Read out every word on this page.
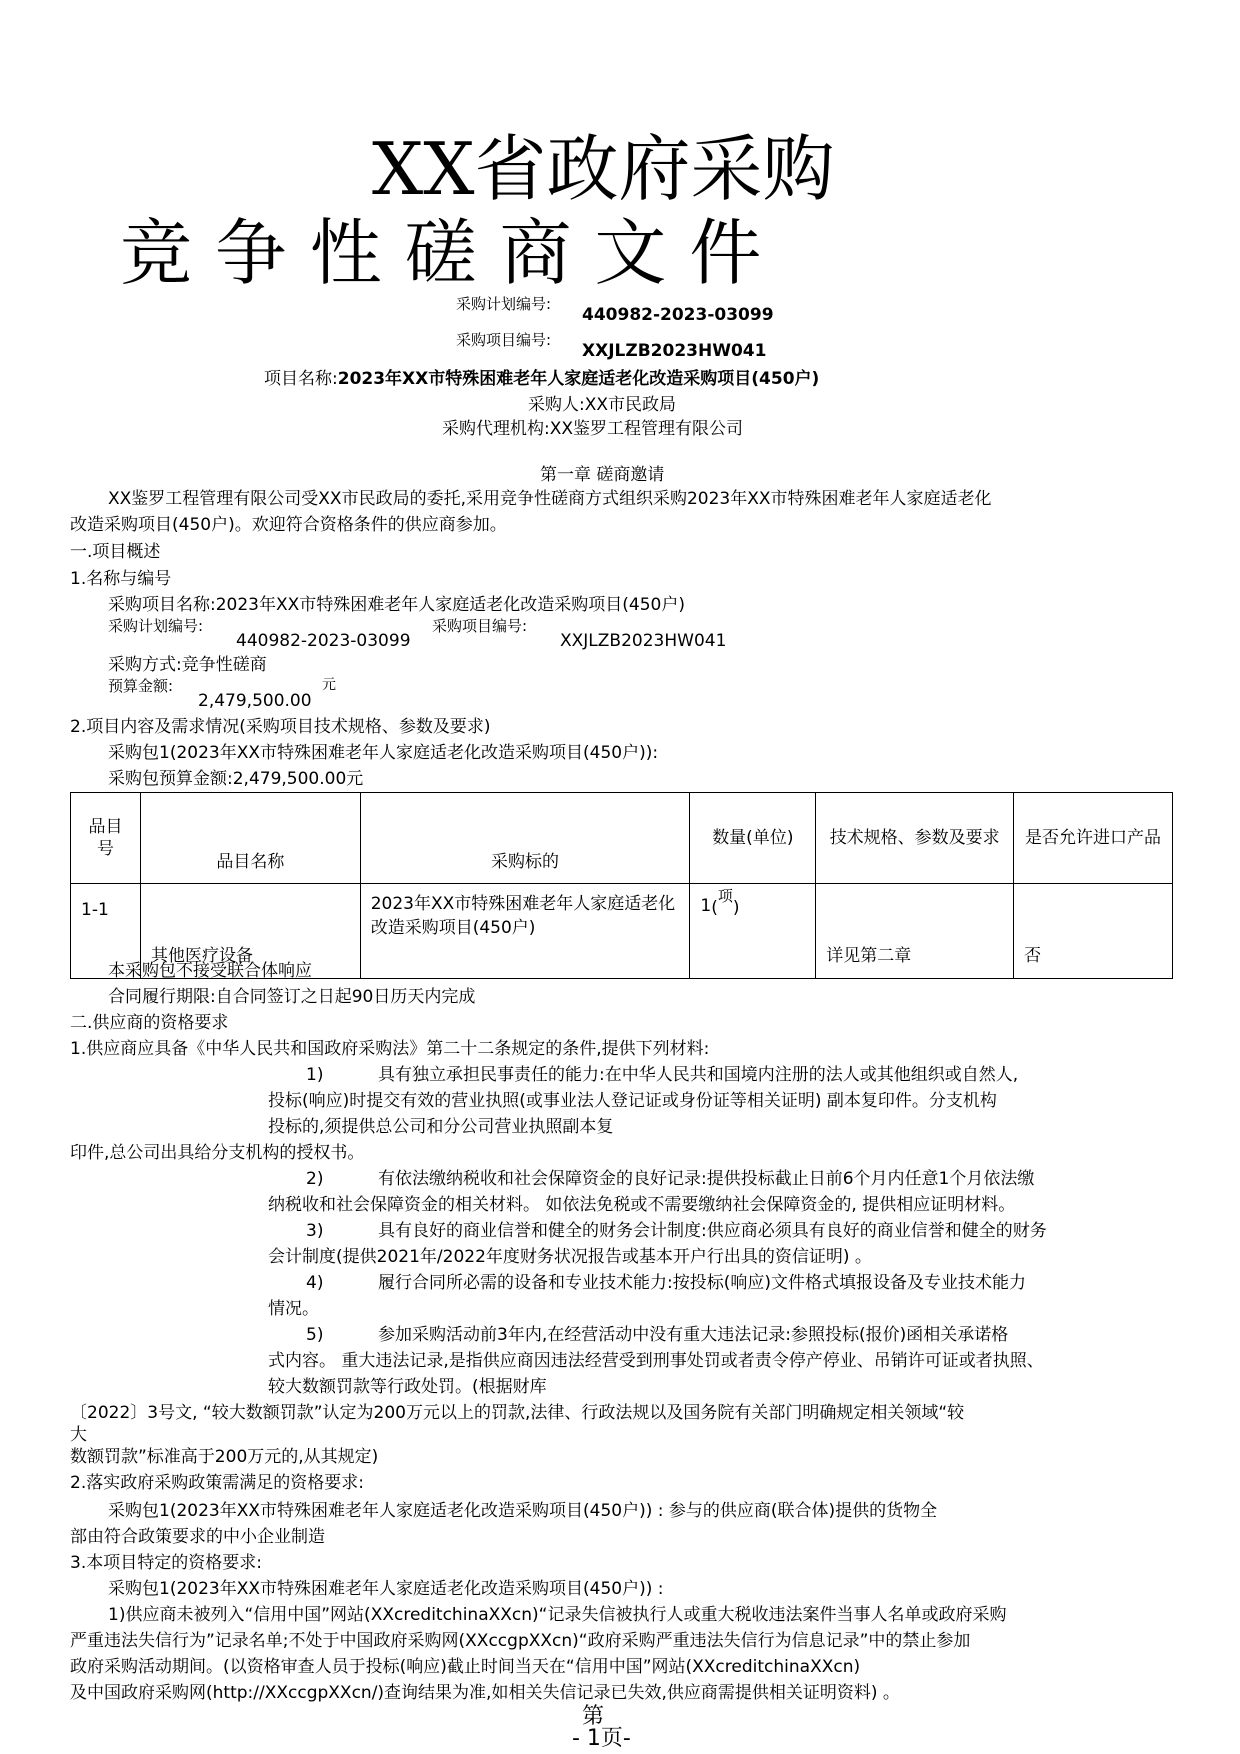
XX省政府采购
竞 争 性 磋 商 文 件
采购计划编号:
440982-2023-03099
采购项目编号:
XXJLZB2023HW041
项目名称:2023年XX市特殊困难老年人家庭适老化改造采购项目(450户)
采购人:XX市民政局
采购代理机构:XX鉴罗工程管理有限公司
第一章 磋商邀请
XX鉴罗工程管理有限公司受XX市民政局的委托,采用竞争性磋商方式组织采购2023年XX市特殊困难老年人家庭适老化
改造采购项目(450户)。欢迎符合资格条件的供应商参加。
一.项目概述
1.名称与编号
采购项目名称:2023年XX市特殊困难老年人家庭适老化改造采购项目(450户)
采购计划编号:
440982-2023-03099
采购项目编号:
XXJLZB2023HW041
采购方式:竞争性磋商
预算金额:
2,479,500.00
元
2.项目内容及需求情况(采购项目技术规格、参数及要求)
采购包1(2023年XX市特殊困难老年人家庭适老化改造采购项目(450户)):
采购包预算金额:2,479,500.00元
品目号	品目名称	采购标的	数量(单位)	技术规格、参数及要求	是否允许进口产品
1-1	其他医疗设备	2023年XX市特殊困难老年人家庭适老化改造采购项目(450户)	1(项)	详见第二章	否
本采购包不接受联合体响应
合同履行期限:自合同签订之日起90日历天内完成
二.供应商的资格要求
1.供应商应具备《中华人民共和国政府采购法》第二十二条规定的条件,提供下列材料:
1)	具有独立承担民事责任的能力:在中华人民共和国境内注册的法人或其他组织或自然人,
投标(响应)时提交有效的营业执照(或事业法人登记证或身份证等相关证明) 副本复印件。分支机构
投标的,须提供总公司和分公司营业执照副本复
印件,总公司出具给分支机构的授权书。
2)	有依法缴纳税收和社会保障资金的良好记录:提供投标截止日前6个月内任意1个月依法缴
纳税收和社会保障资金的相关材料。 如依法免税或不需要缴纳社会保障资金的, 提供相应证明材料。
3)	具有良好的商业信誉和健全的财务会计制度:供应商必须具有良好的商业信誉和健全的财务
会计制度(提供2021年/2022年度财务状况报告或基本开户行出具的资信证明) 。
4)	履行合同所必需的设备和专业技术能力:按投标(响应)文件格式填报设备及专业技术能力
情况。
5)	参加采购活动前3年内,在经营活动中没有重大违法记录:参照投标(报价)函相关承诺格
式内容。 重大违法记录,是指供应商因违法经营受到刑事处罚或者责令停产停业、吊销许可证或者执照、
较大数额罚款等行政处罚。(根据财库
〔2022〕3号文, “较大数额罚款”认定为200万元以上的罚款,法律、行政法规以及国务院有关部门明确规定相关领域“较
大
数额罚款”标准高于200万元的,从其规定)
2.落实政府采购政策需满足的资格要求:
采购包1(2023年XX市特殊困难老年人家庭适老化改造采购项目(450户)) : 参与的供应商(联合体)提供的货物全
部由符合政策要求的中小企业制造
3.本项目特定的资格要求:
采购包1(2023年XX市特殊困难老年人家庭适老化改造采购项目(450户)) :
1)供应商未被列入“信用中国”网站(XXcreditchinaXXcn)“记录失信被执行人或重大税收违法案件当事人名单或政府采购
严重违法失信行为”记录名单;不处于中国政府采购网(XXccgpXXcn)“政府采购严重违法失信行为信息记录”中的禁止参加
政府采购活动期间。(以资格审查人员于投标(响应)截止时间当天在“信用中国”网站(XXcreditchinaXXcn)
及中国政府采购网(http://XXccgpXXcn/)查询结果为准,如相关失信记录已失效,供应商需提供相关证明资料) 。
第
- 1页-
